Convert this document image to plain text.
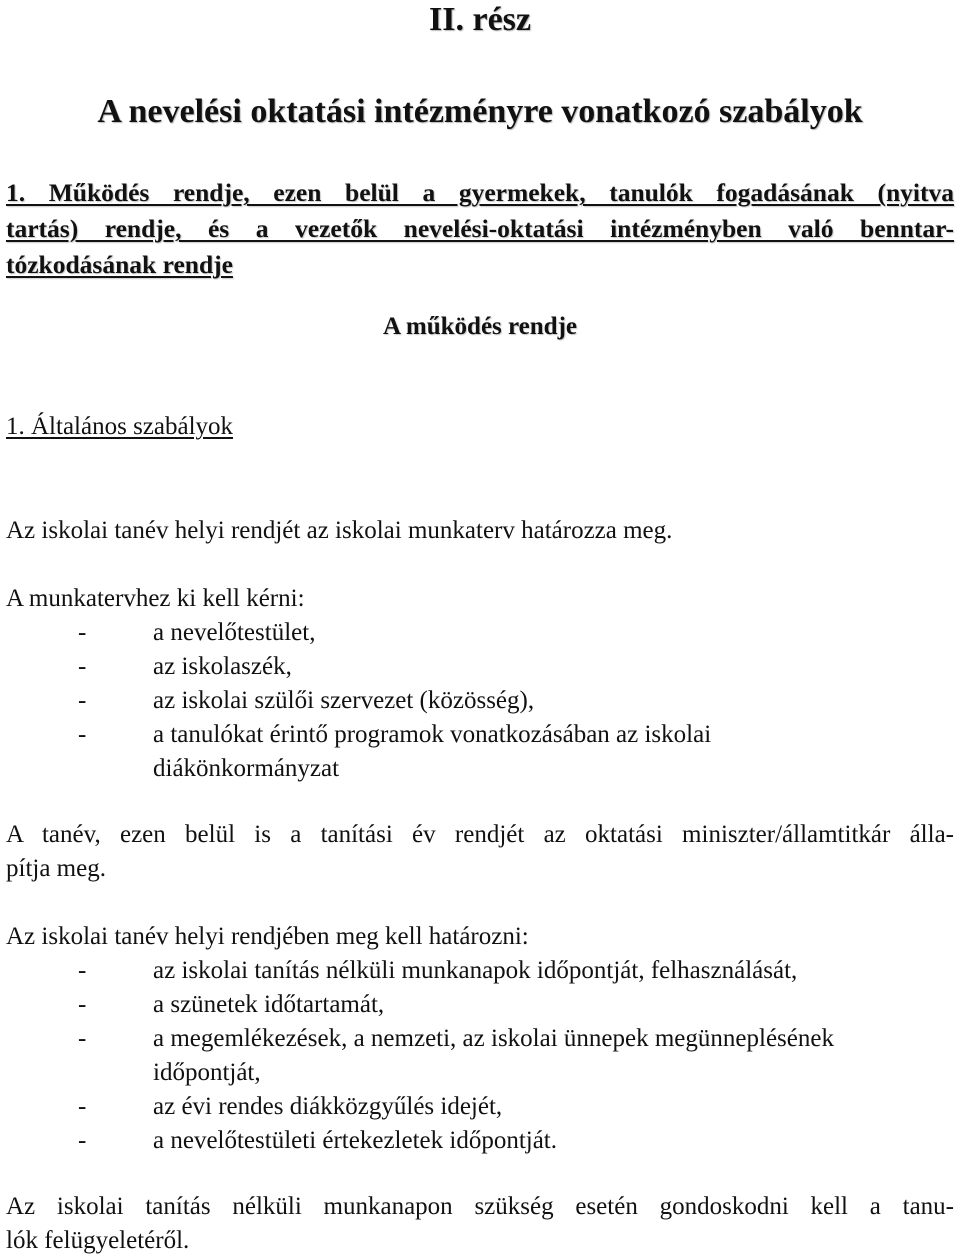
II. rész
A nevelési oktatási intézményre vonatkozó szabályok
1. Működés rendje, ezen belül a gyermekek, tanulók fogadásának (nyitva
tartás) rendje, és a vezetők nevelési-oktatási intézményben való benntar-
tózkodásának rendje
A működés rendje
1. Általános szabályok

Az iskolai tanév helyi rendjét az iskolai munkaterv határozza meg.

A munkatervhez ki kell kérni:
-	a nevelőtestület,
-	az iskolaszék,
-	az iskolai szülői szervezet (közösség),
-	a tanulókat érintő programok vonatkozásában az iskolai
diákönkormányzat
A tanév, ezen belül is a tanítási év rendjét az oktatási miniszter/államtitkár álla-
pítja meg.
Az iskolai tanév helyi rendjében meg kell határozni:
-	az iskolai tanítás nélküli munkanapok időpontját, felhasználását,
-	a szünetek időtartamát,
-	a megemlékezések, a nemzeti, az iskolai ünnepek megünneplésének
időpontját,
-	az évi rendes diákközgyűlés idejét,
-	a nevelőtestületi értekezletek időpontját.
Az iskolai tanítás nélküli munkanapon szükség esetén gondoskodni kell a tanu-
lók felügyeletéről.
